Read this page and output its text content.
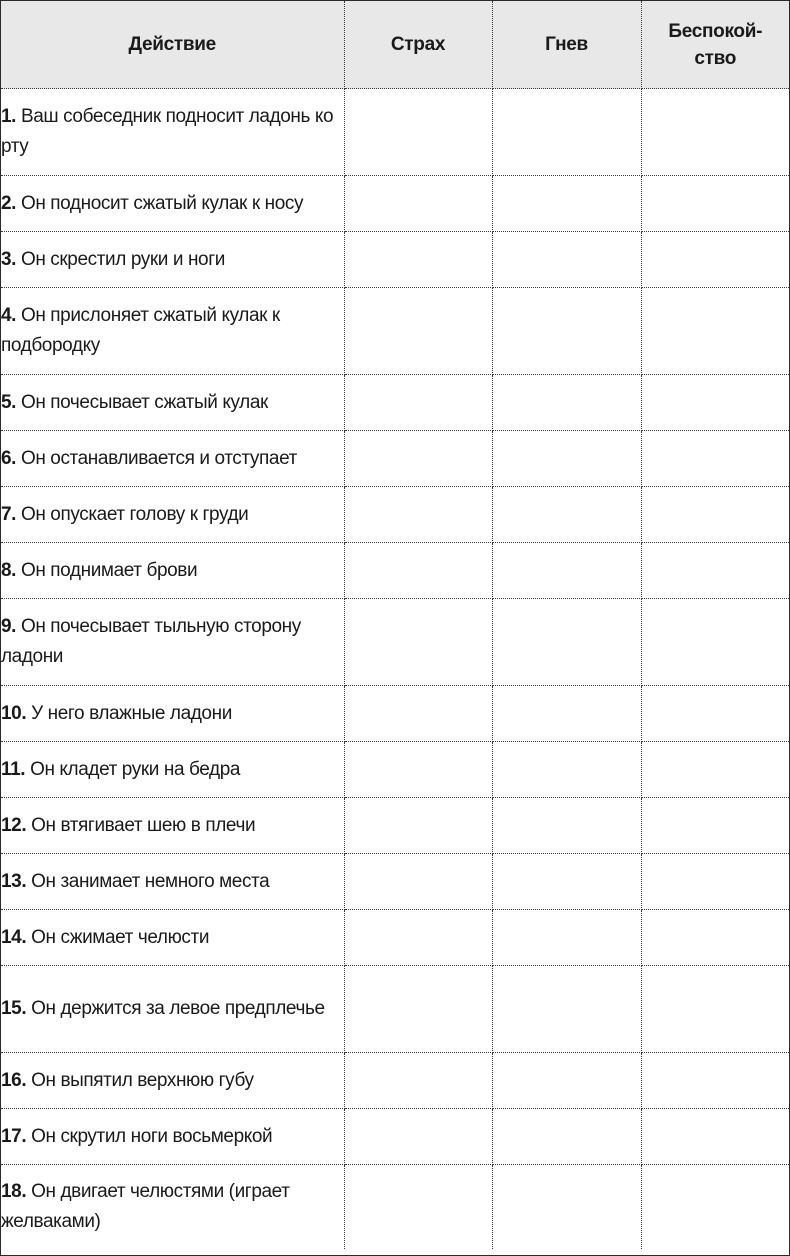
Действие	Страх	Гнев	Беспокой-ство
1. Ваш собеседник подносит ладонь ко рту			
2. Он подносит сжатый кулак к носу			
3. Он скрестил руки и ноги			
4. Он прислоняет сжатый кулак к подбородку			
5. Он почесывает сжатый кулак			
6. Он останавливается и отступает			
7. Он опускает голову к груди			
8. Он поднимает брови			
9. Он почесывает тыльную сторону ладони			
10. У него влажные ладони			
11. Он кладет руки на бедра			
12. Он втягивает шею в плечи			
13. Он занимает немного места			
14. Он сжимает челюсти			
15. Он держится за левое предплечье			
16. Он выпятил верхнюю губу			
17. Он скрутил ноги восьмеркой			
18. Он двигает челюстями (играет желваками)			
